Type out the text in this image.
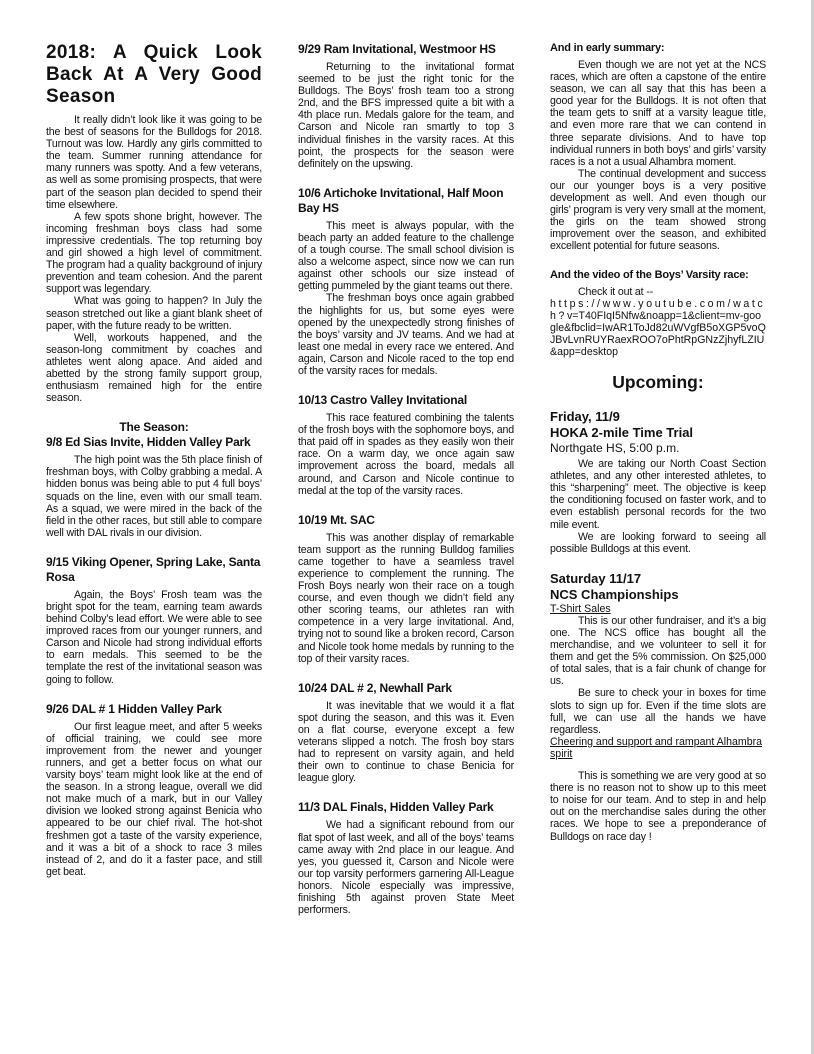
2018: A Quick Look Back At A Very Good Season

It really didn’t look like it was going to be the best of seasons for the Bulldogs for 2018. Turnout was low. Hardly any girls committed to the team. Summer running attendance for many runners was spotty. And a few veterans, as well as some promising prospects, that were part of the season plan decided to spend their time elsewhere.

A few spots shone bright, however. The incoming freshman boys class had some impressive credentials. The top returning boy and girl showed a high level of commitment. The program had a quality background of injury prevention and team cohesion. And the parent support was legendary.

What was going to happen? In July the season stretched out like a giant blank sheet of paper, with the future ready to be written.

Well, workouts happened, and the season-long commitment by coaches and athletes went along apace. And aided and abetted by the strong family support group, enthusiasm remained high for the entire season.

The Season:
9/8 Ed Sias Invite, Hidden Valley Park

The high point was the 5th place finish of freshman boys, with Colby grabbing a medal. A hidden bonus was being able to put 4 full boys’ squads on the line, even with our small team. As a squad, we were mired in the back of the field in the other races, but still able to compare well with DAL rivals in our division.

9/15 Viking Opener, Spring Lake, Santa Rosa

Again, the Boys’ Frosh team was the bright spot for the team, earning team awards behind Colby’s lead effort. We were able to see improved races from our younger runners, and Carson and Nicole had strong individual efforts to earn medals. This seemed to be the template the rest of the invitational season was going to follow.

9/26 DAL # 1 Hidden Valley Park

Our first league meet, and after 5 weeks of official training, we could see more improvement from the newer and younger runners, and get a better focus on what our varsity boys’ team might look like at the end of the season. In a strong league, overall we did not make much of a mark, but in our Valley division we looked strong against Benicia who appeared to be our chief rival. The hot-shot freshmen got a taste of the varsity experience, and it was a bit of a shock to race 3 miles instead of 2, and do it a faster pace, and still get beat.

9/29 Ram Invitational, Westmoor HS

Returning to the invitational format seemed to be just the right tonic for the Bulldogs. The Boys’ frosh team too a strong 2nd, and the BFS impressed quite a bit with a 4th place run. Medals galore for the team, and Carson and Nicole ran smartly to top 3 individual finishes in the varsity races. At this point, the prospects for the season were definitely on the upswing.

10/6 Artichoke Invitational, Half Moon Bay HS

This meet is always popular, with the beach party an added feature to the challenge of a tough course. The small school division is also a welcome aspect, since now we can run against other schools our size instead of getting pummeled by the giant teams out there.

The freshman boys once again grabbed the highlights for us, but some eyes were opened by the unexpectedly strong finishes of the boys’ varsity and JV teams. And we had at least one medal in every race we entered. And again, Carson and Nicole raced to the top end of the varsity races for medals.

10/13 Castro Valley Invitational

This race featured combining the talents of the frosh boys with the sophomore boys, and that paid off in spades as they easily won their race. On a warm day, we once again saw improvement across the board, medals all around, and Carson and Nicole continue to medal at the top of the varsity races.

10/19 Mt. SAC

This was another display of remarkable team support as the running Bulldog families came together to have a seamless travel experience to complement the running. The Frosh Boys nearly won their race on a tough course, and even though we didn’t field any other scoring teams, our athletes ran with competence in a very large invitational. And, trying not to sound like a broken record, Carson and Nicole took home medals by running to the top of their varsity races.

10/24 DAL # 2, Newhall Park

It was inevitable that we would it a flat spot during the season, and this was it. Even on a flat course, everyone except a few veterans slipped a notch. The frosh boy stars had to represent on varsity again, and held their own to continue to chase Benicia for league glory.

11/3 DAL Finals, Hidden Valley Park

We had a significant rebound from our flat spot of last week, and all of the boys’ teams came away with 2nd place in our league. And yes, you guessed it, Carson and Nicole were our top varsity performers garnering All-League honors. Nicole especially was impressive, finishing 5th against proven State Meet performers.

And in early summary:

Even though we are not yet at the NCS races, which are often a capstone of the entire season, we can all say that this has been a good year for the Bulldogs. It is not often that the team gets to sniff at a varsity league title, and even more rare that we can contend in three separate divisions. And to have top individual runners in both boys’ and girls’ varsity races is a not a usual Alhambra moment.

The continual development and success our our younger boys is a very positive development as well. And even though our girls’ program is very very small at the moment, the girls on the team showed strong improvement over the season, and exhibited excellent potential for future seasons.

And the video of the Boys’ Varsity race:

Check it out at --

https://www.youtube.com/watch?v=T40FIqI5Nfw&noapp=1&client=mv-google&fbclid=IwAR1ToJd82uWVgfB5oXGP5voQJBvLvnRUYRaexROO7oPhtRpGNzZjhyfLZIU&app=desktop
Upcoming:
Friday, 11/9
HOKA 2-mile Time Trial
Northgate HS, 5:00 p.m.

We are taking our North Coast Section athletes, and any other interested athletes, to this “sharpening” meet. The objective is keep the conditioning focused on faster work, and to even establish personal records for the two mile event.

We are looking forward to seeing all possible Bulldogs at this event.

Saturday 11/17
NCS Championships
T-Shirt Sales

This is our other fundraiser, and it’s a big one. The NCS office has bought all the merchandise, and we volunteer to sell it for them and get the 5% commission. On $25,000 of total sales, that is a fair chunk of change for us.

Be sure to check your in boxes for time slots to sign up for. Even if the time slots are full, we can use all the hands we have regardless.

Cheering and support and rampant Alhambra spirit

This is something we are very good at so there is no reason not to show up to this meet to noise for our team. And to step in and help out on the merchandise sales during the other races. We hope to see a preponderance of Bulldogs on race day !
